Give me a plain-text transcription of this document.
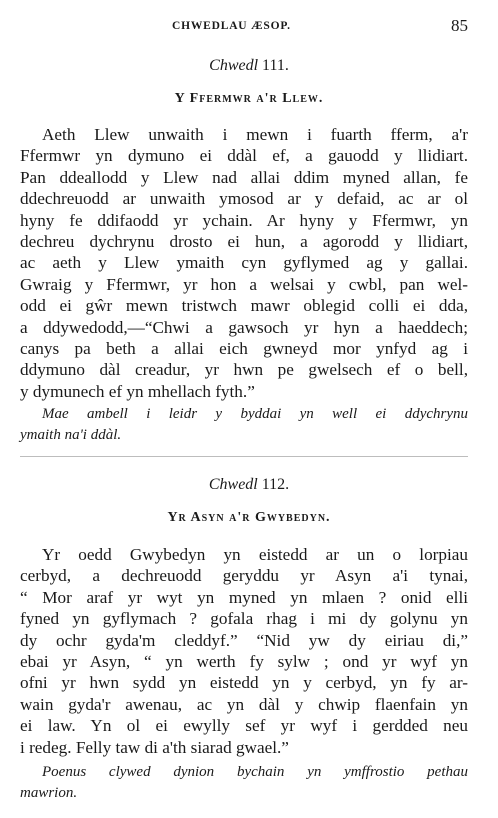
CHWEDLAU ÆSOP.	85
Chwedl 111.
Y Ffermwr a'r Llew.
Aeth Llew unwaith i mewn i fuarth fferm, a'r
Ffermwr yn dymuno ei ddàl ef, a gauodd y llidiart.
Pan ddeallodd y Llew nad allai ddim myned allan, fe
ddechreuodd ar unwaith ymosod ar y defaid, ac ar ol
hyny fe ddifaodd yr ychain. Ar hyny y Ffermwr, yn
dechreu dychrynu drosto ei hun, a agorodd y llidiart,
ac aeth y Llew ymaith cyn gyflymed ag y gallai.
Gwraig y Ffermwr, yr hon a welsai y cwbl, pan wel-
odd ei gŵr mewn tristwch mawr oblegid colli ei dda,
a ddywedodd,—“Chwi a gawsoch yr hyn a haeddech;
canys pa beth a allai eich gwneyd mor ynfyd ag i
ddymuno dàl creadur, yr hwn pe gwelsech ef o bell,
y dymunech ef yn mhellach fyth.”
Mae ambell i leidr y byddai yn well ei ddychrynu
ymaith na'i ddàl.
Chwedl 112.
Yr Asyn a'r Gwybedyn.
Yr oedd Gwybedyn yn eistedd ar un o lorpiau
cerbyd, a dechreuodd geryddu yr Asyn a'i tynai,
“ Mor araf yr wyt yn myned yn mlaen ? onid elli
fyned yn gyflymach ? gofala rhag i mi dy golynu yn
dy ochr gyda'm cleddyf.” “Nid yw dy eiriau di,”
ebai yr Asyn, “ yn werth fy sylw ; ond yr wyf yn
ofni yr hwn sydd yn eistedd yn y cerbyd, yn fy ar-
wain gyda'r awenau, ac yn dàl y chwip flaenfain yn
ei law. Yn ol ei ewylly sef yr wyf i gerdded neu
i redeg. Felly taw di a'th siarad gwael.”
Poenus clywed dynion bychain yn ymffrostio pethau
mawrion.
